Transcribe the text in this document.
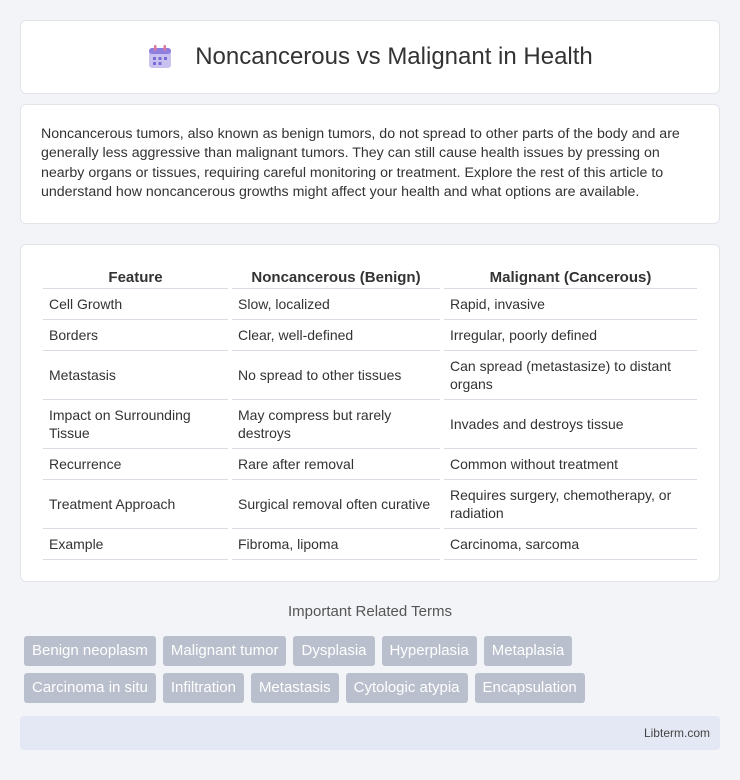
Noncancerous vs Malignant in Health

Noncancerous tumors, also known as benign tumors, do not spread to other parts of the body and are generally less aggressive than malignant tumors. They can still cause health issues by pressing on nearby organs or tissues, requiring careful monitoring or treatment. Explore the rest of this article to understand how noncancerous growths might affect your health and what options are available.

Feature	Noncancerous (Benign)	Malignant (Cancerous)
Cell Growth	Slow, localized	Rapid, invasive
Borders	Clear, well-defined	Irregular, poorly defined
Metastasis	No spread to other tissues	Can spread (metastasize) to distant organs
Impact on Surrounding Tissue	May compress but rarely destroys	Invades and destroys tissue
Recurrence	Rare after removal	Common without treatment
Treatment Approach	Surgical removal often curative	Requires surgery, chemotherapy, or radiation
Example	Fibroma, lipoma	Carcinoma, sarcoma
Important Related Terms
Benign neoplasm	Malignant tumor	Dysplasia	Hyperplasia	Metaplasia
Carcinoma in situ	Infiltration	Metastasis	Cytologic atypia	Encapsulation
Libterm.com
